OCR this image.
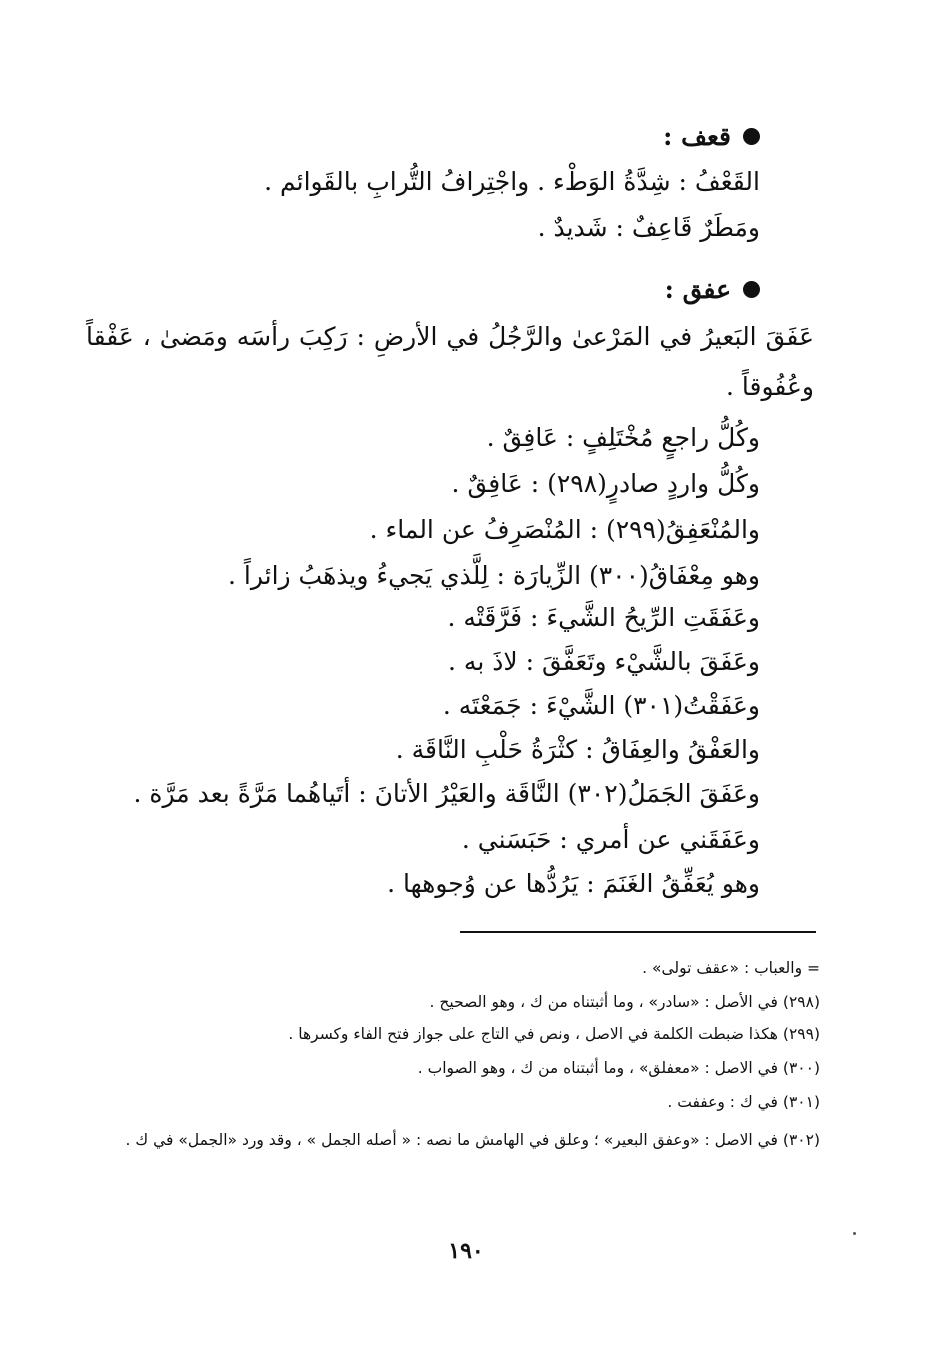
قعف :
القَعْفُ : شِدَّةُ الوَطْء . واجْتِرافُ التُّرابِ بالقَوائم .
ومَطَرٌ قَاعِفٌ : شَديدٌ .
عفق :
عَفَقَ البَعيرُ في المَرْعىٰ والرَّجُلُ في الأرضِ : رَكِبَ رأسَه ومَضىٰ ، عَفْقاً وعُفُوقاً .
وكُلُّ راجعٍ مُخْتَلِفٍ : عَافِقٌ .
وكُلُّ واردٍ صادرٍ(٢٩٨) : عَافِقٌ .
والمُنْعَفِقُ(٢٩٩) : المُنْصَرِفُ عن الماء .
وهو مِعْفَاقُ(٣٠٠) الزِّيارَة : لِلَّذي يَجيءُ ويذهَبُ زائراً .
وعَفَقَتِ الرِّيحُ الشَّيءَ : فَرَّقَتْه .
وعَفَقَ بالشَّيْء وتَعَفَّقَ : لاذَ به .
وعَفَقْتُ(٣٠١) الشَّيْءَ : جَمَعْتَه .
والعَفْقُ والعِفَاقُ : كثْرَةُ حَلْبِ النَّاقَة .
وعَفَقَ الجَمَلُ(٣٠٢) النَّاقَة والعَيْرُ الأتانَ : أتَياهُما مَرَّةً بعد مَرَّة .
وعَفَقَني عن أمري : حَبَسَني .
وهو يُعَفِّقُ الغَنَمَ : يَرُدُّها عن وُجوهها .
= والعباب : «عقف تولى» .
(٢٩٨) في الأصل : «سادر» ، وما أثبتناه من ك ، وهو الصحيح .
(٢٩٩) هكذا ضبطت الكلمة في الاصل ، ونص في التاج على جواز فتح الفاء وكسرها .
(٣٠٠) في الاصل : «معفلق» ، وما أثبتناه من ك ، وهو الصواب .
(٣٠١) في ك : وعففت .
(٣٠٢) في الاصل : «وعفق البعير» ؛ وعلق في الهامش ما نصه : « أصله الجمل » ، وقد ورد «الجمل» في ك .
١٩٠
